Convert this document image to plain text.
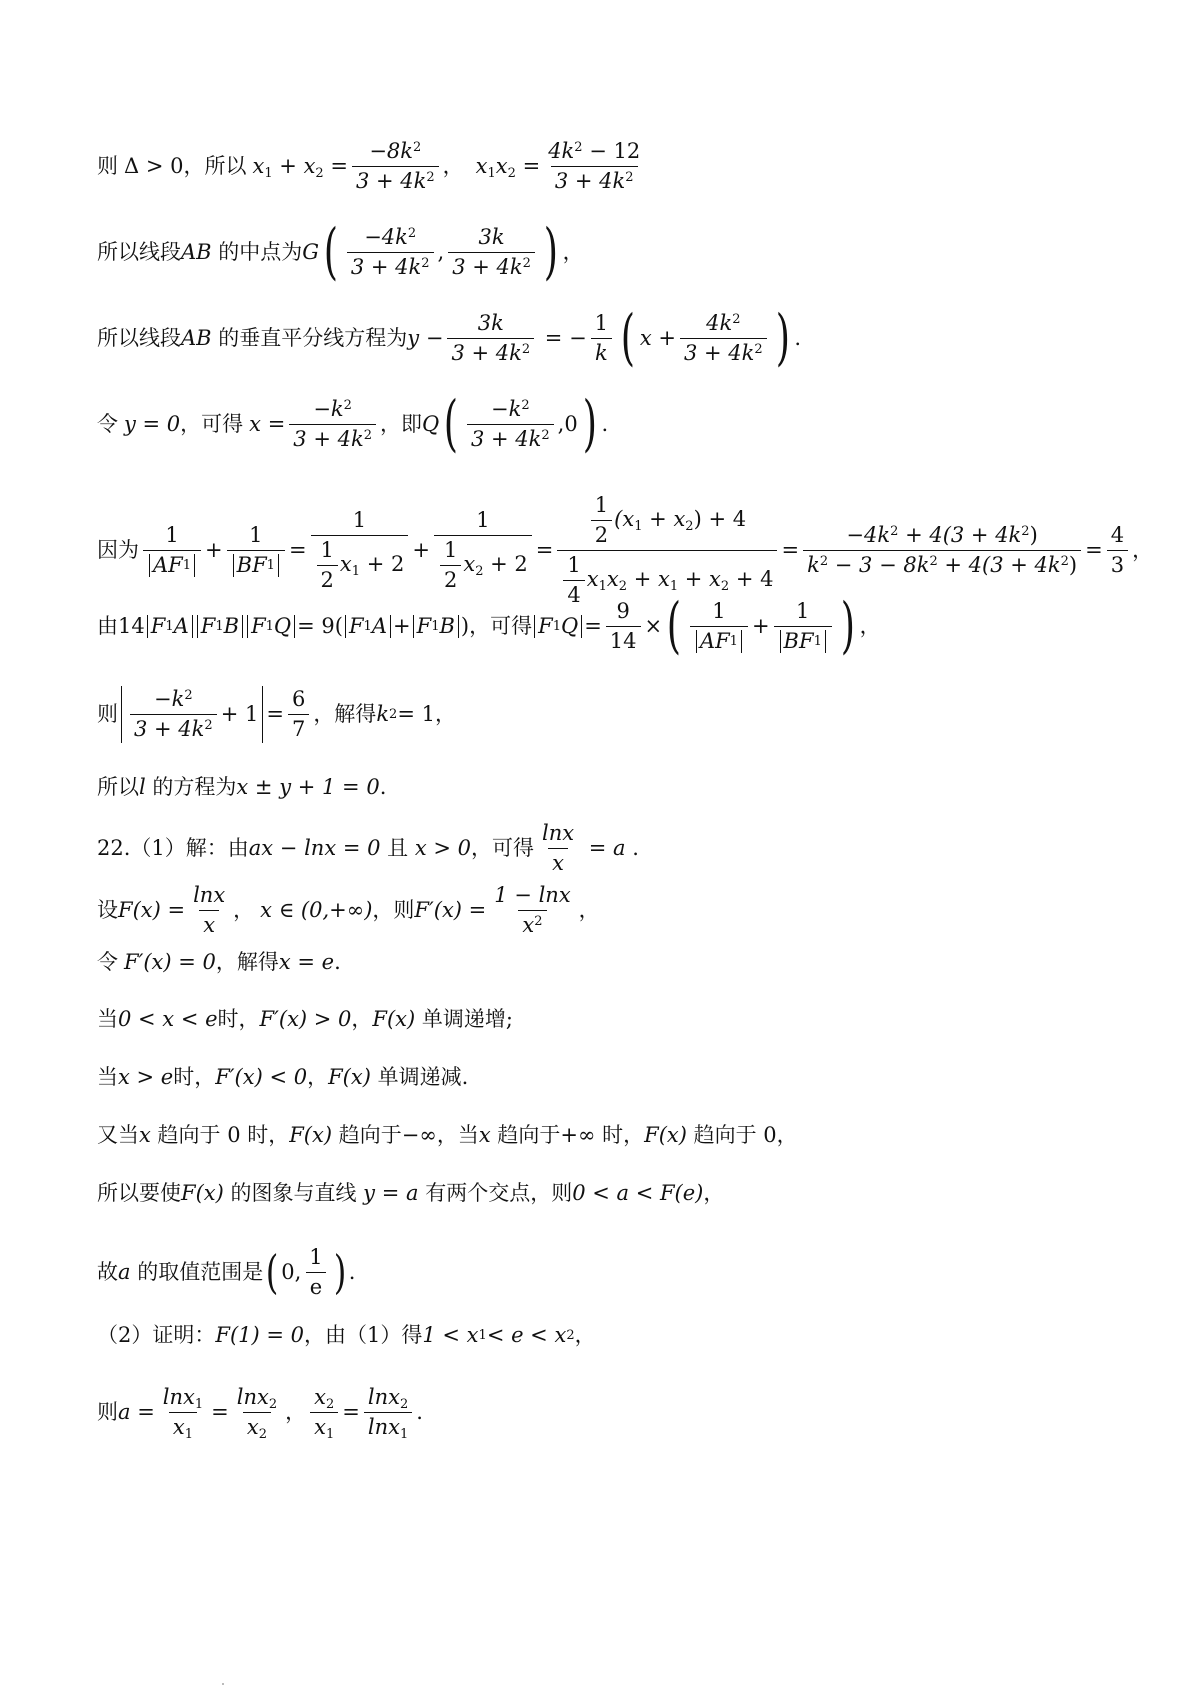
则 Δ > 0 ，所以 $x_1 + x_2 = \frac{-8k^2}{3 + 4k^2}$ ， $x_1x_2 = \frac{4k^2 - 12}{3 + 4k^2}$
所以线段 AB 的中点为 G ( $\frac{-4k^2}{3 + 4k^2}$ , $\frac{3k}{3 + 4k^2}$ ) ，
所以线段 AB 的垂直平分线方程为 $y - \frac{3k}{3 + 4k^2}$ = − $\frac{1}{k}$ ( $x + \frac{4k^2}{3 + 4k^2}$ ) .
令 y = 0 ，可得 $x = \frac{-k^2}{3 + 4k^2}$ ，即 Q ( $\frac{-k^2}{3 + 4k^2} ,0$ ) .
因为 $\frac{1}{AF 1} + \frac{1}{BF 1} = \frac{1}{\frac{1}{2} x_1 + 2} + \frac{1}{\frac{1}{2} x_2 + 2} = \frac{\frac{1}{2} (x_1 + x_2) + 4}{\frac{1}{4} x_1x_2 + x_1 + x_2 + 4} = \frac{-4k^2 + 4(3 + 4k^2)}{k^2 - 3 - 8k^2 + 4(3 + 4k^2)} = \frac{4}{3}$ ，
由 14 F 1 A F 1 B F 1 Q = 9( F 1 A + F 1 B )，可得 F 1 $Q = \frac{9}{14}$ × ( $\frac{1}{AF 1} + \frac{1}{BF 1}$ ) ，
则 $\frac{-k^2}{3 + 4k^2} + 1 = \frac{6}{7}$ ，解得 k 2 = 1 ，
所以 l 的方程为 x ± y + 1 = 0 .
22.（1）解：由 ax − lnx = 0 且 x > 0 ，可得 $\frac{\ln x}{x} = a$ .
设 $F(x) = \frac{\ln x}{x}$ ， x ∈ (0,+∞) ，则 $F'(x) = \frac{1 - \ln x}{x^2}$ ，
令 F′(x) = 0 ，解得 x = e .
当 0 < x < e 时， F′(x) > 0 ， F(x) 单调递增;
当 x > e 时， F′(x) < 0 ， F(x) 单调递减.
又当 x 趋向于 0 时， F(x) 趋向于 −∞ ，当 x 趋向于 +∞ 时， F(x) 趋向于 0，
所以要使 F(x) 的图象与直线 y = a 有两个交点，则 0 < a < F(e) ，
故 a 的取值范围是 ( 0, $\frac{1}{e}$ ) .
（2）证明： F(1) = 0 ，由（1）得 1 < x 1 < e < x 2 ，
则 $a = \frac{\ln x_1}{x_1} = \frac{\ln x_2}{x_2}$ ， $\frac{x_2}{x_1} = \frac{\ln x_2}{\ln x_1}$ .
